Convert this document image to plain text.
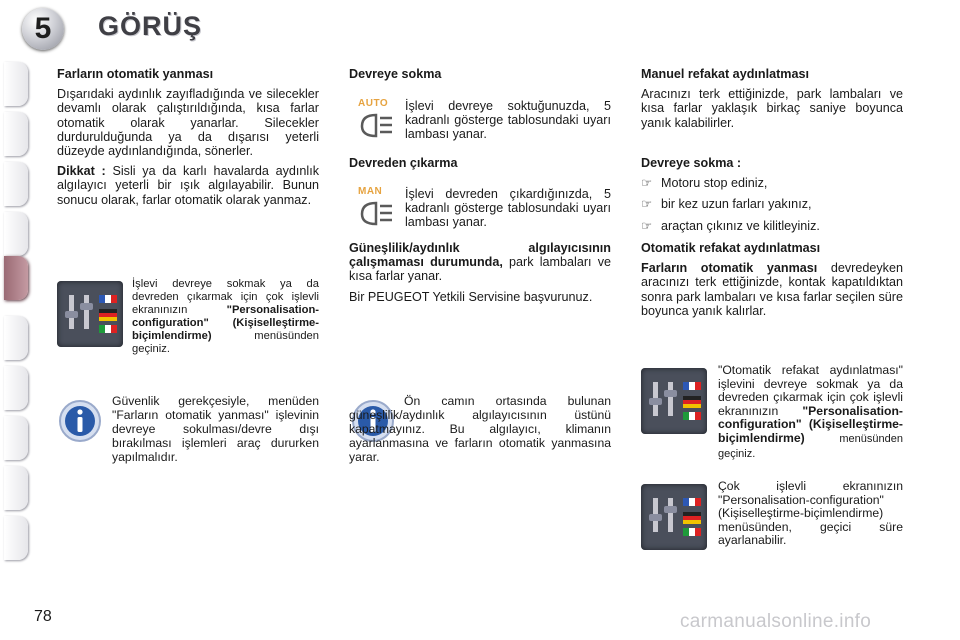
5	GÖRÜŞ
Farların otomatik yanması

Dışarıdaki aydınlık zayıfladığında ve silecekler devamlı olarak çalıştırıldığında, kısa farlar otomatik olarak yanarlar. Silecekler durdurulduğunda ya da dışarısı yeterli düzeyde aydınlandığında, sönerler.

Dikkat : Sisli ya da karlı havalarda aydınlık algılayıcı yeterli bir ışık algılayabilir. Bunun sonucu olarak, farlar otomatik olarak yanmaz.

İşlevi devreye sokmak ya da devreden çıkarmak için çok işlevli ekranınızın "Personalisation-configuration" (Kişiselleştirme-biçimlendirme) menüsünden geçiniz.
Güvenlik gerekçesiyle, menüden "Farların otomatik yanması" işlevinin devreye sokulması/devre dışı bırakılması işlemleri araç dururken yapılmalıdır.
Devreye sokma
AUTO İşlevi devreye soktuğunuzda, 5 kadranlı gösterge tablosundaki uyarı lambası yanar.
Devreden çıkarma
MAN İşlevi devreden çıkardığınızda, 5 kadranlı gösterge tablosundaki uyarı lambası yanar.

Güneşlilik/aydınlık algılayıcısının çalışmaması durumunda, park lambaları ve kısa farlar yanar.

Bir PEUGEOT Yetkili Servisine başvurunuz.

Ön camın ortasında bulunan güneşlilik/aydınlık algılayıcısının üstünü kapatmayınız. Bu algılayıcı, klimanın ayarlanmasına ve farların otomatik yanmasına yarar.
Manuel refakat aydınlatması

Aracınızı terk ettiğinizde, park lambaları ve kısa farlar yaklaşık birkaç saniye boyunca yanık kalabilirler.

Devreye sokma :
☞ Motoru stop ediniz,
☞ bir kez uzun farları yakınız,
☞ araçtan çıkınız ve kilitleyiniz.
Otomatik refakat aydınlatması

Farların otomatik yanması devredeyken aracınızı terk ettiğinizde, kontak kapatıldıktan sonra park lambaları ve kısa farlar seçilen süre boyunca yanık kalırlar.

"Otomatik refakat aydınlatması" işlevini devreye sokmak ya da devreden çıkarmak için çok işlevli ekranınızın "Personalisation-configuration" (Kişiselleştirme-biçimlendirme) menüsünden geçiniz.
Çok işlevli ekranınızın "Personalisation-configuration" (Kişiselleştirme-biçimlendirme) menüsünden, geçici süre ayarlanabilir.
78	carmanualsonline.info
